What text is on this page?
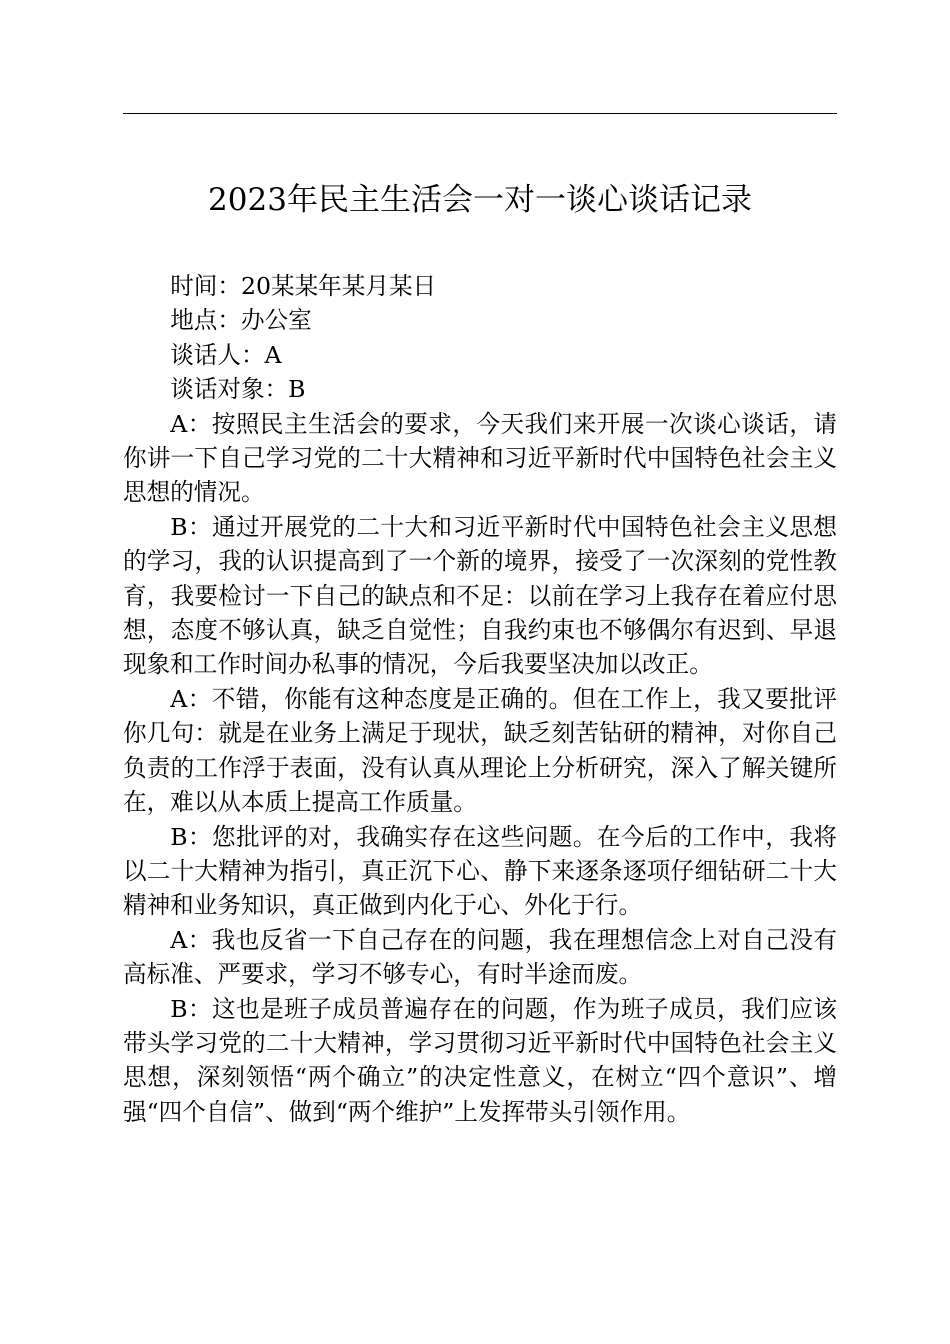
2023年民主生活会一对一谈心谈话记录

时间：20某某年某月某日

地点：办公室

谈话人：A

谈话对象：B

A：按照民主生活会的要求，今天我们来开展一次谈心谈话，请你讲一下自己学习党的二十大精神和习近平新时代中国特色社会主义思想的情况。

B：通过开展党的二十大和习近平新时代中国特色社会主义思想的学习，我的认识提高到了一个新的境界，接受了一次深刻的党性教育，我要检讨一下自己的缺点和不足：以前在学习上我存在着应付思想，态度不够认真，缺乏自觉性；自我约束也不够偶尔有迟到、早退现象和工作时间办私事的情况，今后我要坚决加以改正。

A：不错，你能有这种态度是正确的。但在工作上，我又要批评你几句：就是在业务上满足于现状，缺乏刻苦钻研的精神，对你自己负责的工作浮于表面，没有认真从理论上分析研究，深入了解关键所在，难以从本质上提高工作质量。

B：您批评的对，我确实存在这些问题。在今后的工作中，我将以二十大精神为指引，真正沉下心、静下来逐条逐项仔细钻研二十大精神和业务知识，真正做到内化于心、外化于行。

A：我也反省一下自己存在的问题，我在理想信念上对自己没有高标准、严要求，学习不够专心，有时半途而废。

B：这也是班子成员普遍存在的问题，作为班子成员，我们应该带头学习党的二十大精神，学习贯彻习近平新时代中国特色社会主义思想，深刻领悟“两个确立”的决定性意义，在树立“四个意识”、增强“四个自信”、做到“两个维护”上发挥带头引领作用。
